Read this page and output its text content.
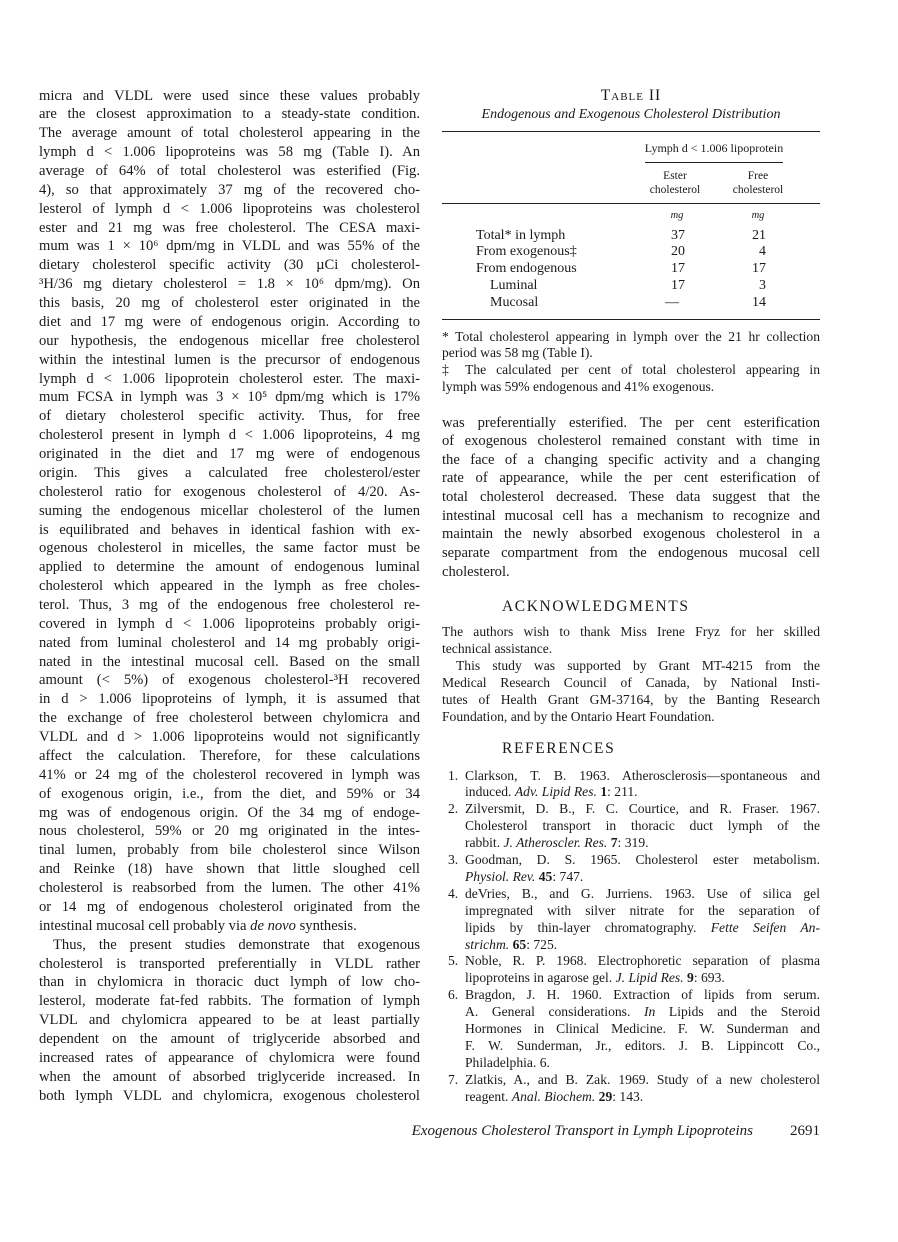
micra and VLDL were used since these values probably
are the closest approximation to a steady-state condition.
The average amount of total cholesterol appearing in the
lymph d < 1.006 lipoproteins was 58 mg (Table I). An
average of 64% of total cholesterol was esterified (Fig.
4), so that approximately 37 mg of the recovered cho-
lesterol of lymph d < 1.006 lipoproteins was cholesterol
ester and 21 mg was free cholesterol. The CESA maxi-
mum was 1 × 10⁶ dpm/mg in VLDL and was 55% of the
dietary cholesterol specific activity (30 µCi cholesterol-
³H/36 mg dietary cholesterol = 1.8 × 10⁶ dpm/mg). On
this basis, 20 mg of cholesterol ester originated in the
diet and 17 mg were of endogenous origin. According to
our hypothesis, the endogenous micellar free cholesterol
within the intestinal lumen is the precursor of endogenous
lymph d < 1.006 lipoprotein cholesterol ester. The maxi-
mum FCSA in lymph was 3 × 10⁵ dpm/mg which is 17%
of dietary cholesterol specific activity. Thus, for free
cholesterol present in lymph d < 1.006 lipoproteins, 4 mg
originated in the diet and 17 mg were of endogenous
origin. This gives a calculated free cholesterol/ester
cholesterol ratio for exogenous cholesterol of 4/20. As-
suming the endogenous micellar cholesterol of the lumen
is equilibrated and behaves in identical fashion with ex-
ogenous cholesterol in micelles, the same factor must be
applied to determine the amount of endogenous luminal
cholesterol which appeared in the lymph as free choles-
terol. Thus, 3 mg of the endogenous free cholesterol re-
covered in lymph d < 1.006 lipoproteins probably origi-
nated from luminal cholesterol and 14 mg probably origi-
nated in the intestinal mucosal cell. Based on the small
amount (< 5%) of exogenous cholesterol-³H recovered
in d > 1.006 lipoproteins of lymph, it is assumed that
the exchange of free cholesterol between chylomicra and
VLDL and d > 1.006 lipoproteins would not significantly
affect the calculation. Therefore, for these calculations
41% or 24 mg of the cholesterol recovered in lymph was
of exogenous origin, i.e., from the diet, and 59% or 34
mg was of endogenous origin. Of the 34 mg of endoge-
nous cholesterol, 59% or 20 mg originated in the intes-
tinal lumen, probably from bile cholesterol since Wilson
and Reinke (18) have shown that little sloughed cell
cholesterol is reabsorbed from the lumen. The other 41%
or 14 mg of endogenous cholesterol originated from the
intestinal mucosal cell probably via de novo synthesis.
Thus, the present studies demonstrate that exogenous
cholesterol is transported preferentially in VLDL rather
than in chylomicra in thoracic duct lymph of low cho-
lesterol, moderate fat-fed rabbits. The formation of lymph
VLDL and chylomicra appeared to be at least partially
dependent on the amount of triglyceride absorbed and
increased rates of appearance of chylomicra were found
when the amount of absorbed triglyceride increased. In
both lymph VLDL and chylomicra, exogenous cholesterol
Table II
Endogenous and Exogenous Cholesterol Distribution
Lymph d < 1.006 lipoprotein
Ester
cholesterol
Free
cholesterol
mg	mg
Total* in lymph	37	21
From exogenous‡	20	4
From endogenous	17	17
Luminal	17	3
Mucosal	—	14
* Total cholesterol appearing in lymph over the 21 hr collection
period was 58 mg (Table I).
‡ The calculated per cent of total cholesterol appearing in
lymph was 59% endogenous and 41% exogenous.
ACKNOWLEDGMENTS
REFERENCES
was preferentially esterified. The per cent esterification
of exogenous cholesterol remained constant with time in
the face of a changing specific activity and a changing
rate of appearance, while the per cent esterification of
total cholesterol decreased. These data suggest that the
intestinal mucosal cell has a mechanism to recognize and
maintain the newly absorbed exogenous cholesterol in a
separate compartment from the endogenous mucosal cell
cholesterol.
The authors wish to thank Miss Irene Fryz for her skilled
technical assistance.
This study was supported by Grant MT-4215 from the
Medical Research Council of Canada, by National Insti-
tutes of Health Grant GM-37164, by the Banting Research
Foundation, and by the Ontario Heart Foundation.
1. Clarkson, T. B. 1963. Atherosclerosis—spontaneous and
induced. Adv. Lipid Res. 1: 211.
2. Zilversmit, D. B., F. C. Courtice, and R. Fraser. 1967.
Cholesterol transport in thoracic duct lymph of the
rabbit. J. Atheroscler. Res. 7: 319.
3. Goodman, D. S. 1965. Cholesterol ester metabolism.
Physiol. Rev. 45: 747.
4. deVries, B., and G. Jurriens. 1963. Use of silica gel
impregnated with silver nitrate for the separation of
lipids by thin-layer chromatography. Fette Seifen An-
strichm. 65: 725.
5. Noble, R. P. 1968. Electrophoretic separation of plasma
lipoproteins in agarose gel. J. Lipid Res. 9: 693.
6. Bragdon, J. H. 1960. Extraction of lipids from serum.
A. General considerations. In Lipids and the Steroid
Hormones in Clinical Medicine. F. W. Sunderman and
F. W. Sunderman, Jr., editors. J. B. Lippincott Co.,
Philadelphia. 6.
7. Zlatkis, A., and B. Zak. 1969. Study of a new cholesterol
reagent. Anal. Biochem. 29: 143.
Exogenous Cholesterol Transport in Lymph Lipoproteins 2691
